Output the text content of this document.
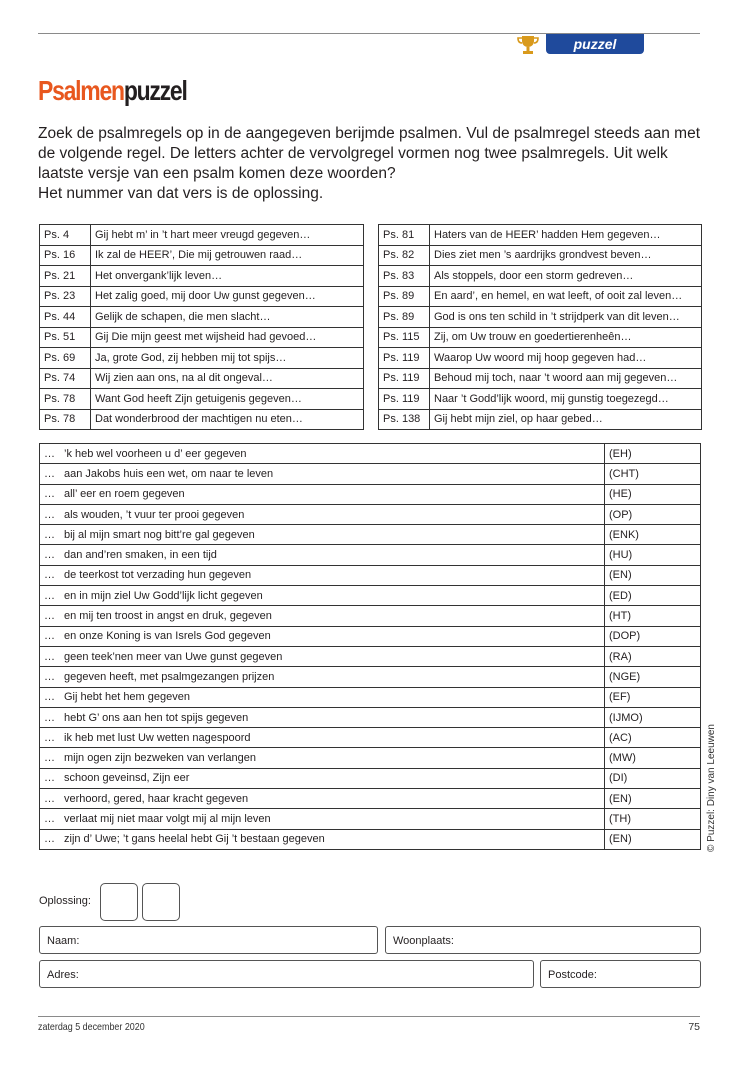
puzzel
Psalmenpuzzel
Zoek de psalmregels op in de aangegeven berijmde psalmen. Vul de psalmregel steeds aan met
de volgende regel. De letters achter de vervolgregel vormen nog twee psalmregels. Uit welk
laatste versje van een psalm komen deze woorden?
Het nummer van dat vers is de oplossing.
Ps. 4	Gij hebt m’ in ’t hart meer vreugd gegeven…
Ps. 16	Ik zal de HEER’, Die mij getrouwen raad…
Ps. 21	Het onvergank’lijk leven…
Ps. 23	Het zalig goed, mij door Uw gunst gegeven…
Ps. 44	Gelijk de schapen, die men slacht…
Ps. 51	Gij Die mijn geest met wijsheid had gevoed…
Ps. 69	Ja, grote God, zij hebben mij tot spijs…
Ps. 74	Wij zien aan ons, na al dit ongeval…
Ps. 78	Want God heeft Zijn getuigenis gegeven…
Ps. 78	Dat wonderbrood der machtigen nu eten…
Ps. 81	Haters van de HEER’ hadden Hem gegeven…
Ps. 82	Dies ziet men ’s aardrijks grondvest beven…
Ps. 83	Als stoppels, door een storm gedreven…
Ps. 89	En aard’, en hemel, en wat leeft, of ooit zal leven…
Ps. 89	God is ons ten schild in ’t strijdperk van dit leven…
Ps. 115	Zij, om Uw trouw en goedertierenheên…
Ps. 119	Waarop Uw woord mij hoop gegeven had…
Ps. 119	Behoud mij toch, naar ’t woord aan mij gegeven…
Ps. 119	Naar ’t Godd’lijk woord, mij gunstig toegezegd…
Ps. 138	Gij hebt mijn ziel, op haar gebed…
…	’k heb wel voorheen u d’ eer gegeven	(EH)
…	aan Jakobs huis een wet, om naar te leven	(CHT)
…	all’ eer en roem gegeven	(HE)
…	als wouden, ’t vuur ter prooi gegeven	(OP)
…	bij al mijn smart nog bitt’re gal gegeven	(ENK)
…	dan and’ren smaken, in een tijd	(HU)
…	de teerkost tot verzading hun gegeven	(EN)
…	en in mijn ziel Uw Godd’lijk licht gegeven	(ED)
…	en mij ten troost in angst en druk, gegeven	(HT)
…	en onze Koning is van Isrels God gegeven	(DOP)
…	geen teek’nen meer van Uwe gunst gegeven	(RA)
…	gegeven heeft, met psalmgezangen prijzen	(NGE)
…	Gij hebt het hem gegeven	(EF)
…	hebt G’ ons aan hen tot spijs gegeven	(IJMO)
…	ik heb met lust Uw wetten nagespoord	(AC)
…	mijn ogen zijn bezweken van verlangen	(MW)
…	schoon geveinsd, Zijn eer	(DI)
…	verhoord, gered, haar kracht gegeven	(EN)
…	verlaat mij niet maar volgt mij al mijn leven	(TH)
…	zijn d’ Uwe; ’t gans heelal hebt Gij ’t bestaan gegeven	(EN)	© Puzzel: Diny van Leeuwen
Oplossing:
Naam:	Woonplaats:
Adres:	Postcode:
zaterdag 5 december 2020	75
